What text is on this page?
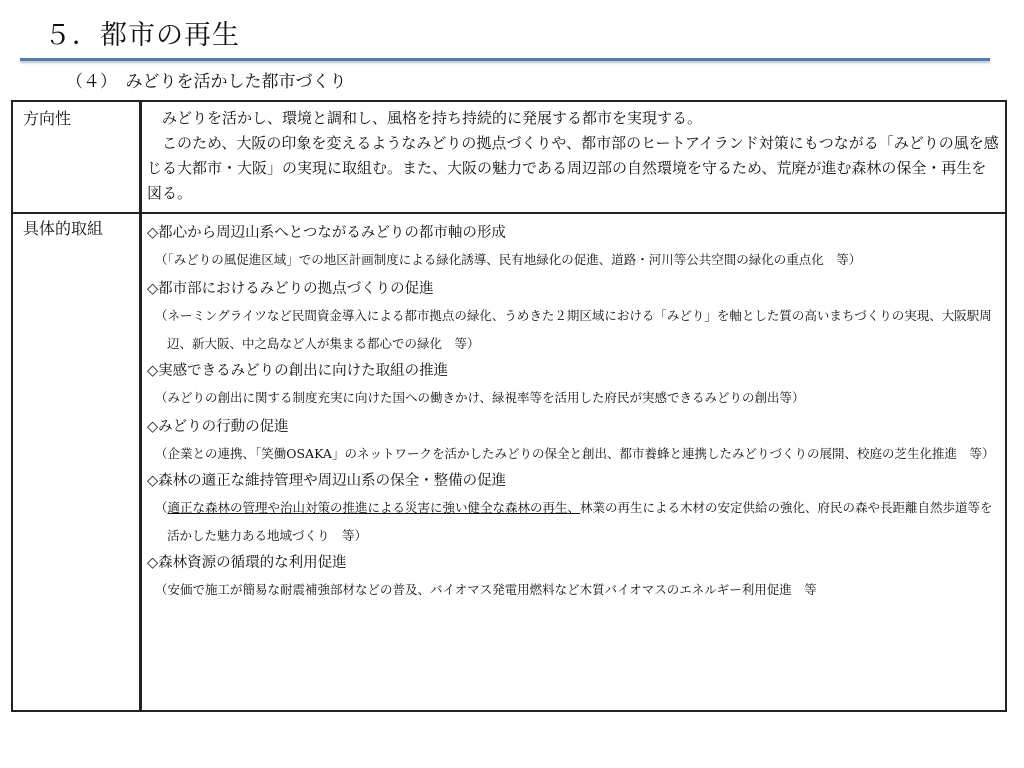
５．都市の再生
（４）　みどりを活かした都市づくり
方向性	みどりを活かし、環境と調和し、風格を持ち持続的に発展する都市を実現する。

このため、大阪の印象を変えるようなみどりの拠点づくりや、都市部のヒートアイランド対策にもつながる「みどりの風を感じる大都市・大阪」の実現に取組む。また、大阪の魅力である周辺部の自然環境を守るため、荒廃が進む森林の保全・再生を図る。

具体的取組	◇都心から周辺山系へとつながるみどりの都市軸の形成
（「みどりの風促進区域」での地区計画制度による緑化誘導、民有地緑化の促進、道路・河川等公共空間の緑化の重点化　等）
◇都市部におけるみどりの拠点づくりの促進
（ネーミングライツなど民間資金導入による都市拠点の緑化、うめきた２期区域における「みどり」を軸とした質の高いまちづくりの実現、大阪駅周辺、新大阪、中之島など人が集まる都心での緑化　等）
◇実感できるみどりの創出に向けた取組の推進
（みどりの創出に関する制度充実に向けた国への働きかけ、緑視率等を活用した府民が実感できるみどりの創出等）
◇みどりの行動の促進
（企業との連携、「笑働OSAKA」のネットワークを活かしたみどりの保全と創出、都市養蜂と連携したみどりづくりの展開、校庭の芝生化推進　等）
◇森林の適正な維持管理や周辺山系の保全・整備の促進
（適正な森林の管理や治山対策の推進による災害に強い健全な森林の再生、林業の再生による木材の安定供給の強化、府民の森や長距離自然歩道等を活かした魅力ある地域づくり　等）
◇森林資源の循環的な利用促進
（安価で施工が簡易な耐震補強部材などの普及、バイオマス発電用燃料など木質バイオマスのエネルギー利用促進　等
